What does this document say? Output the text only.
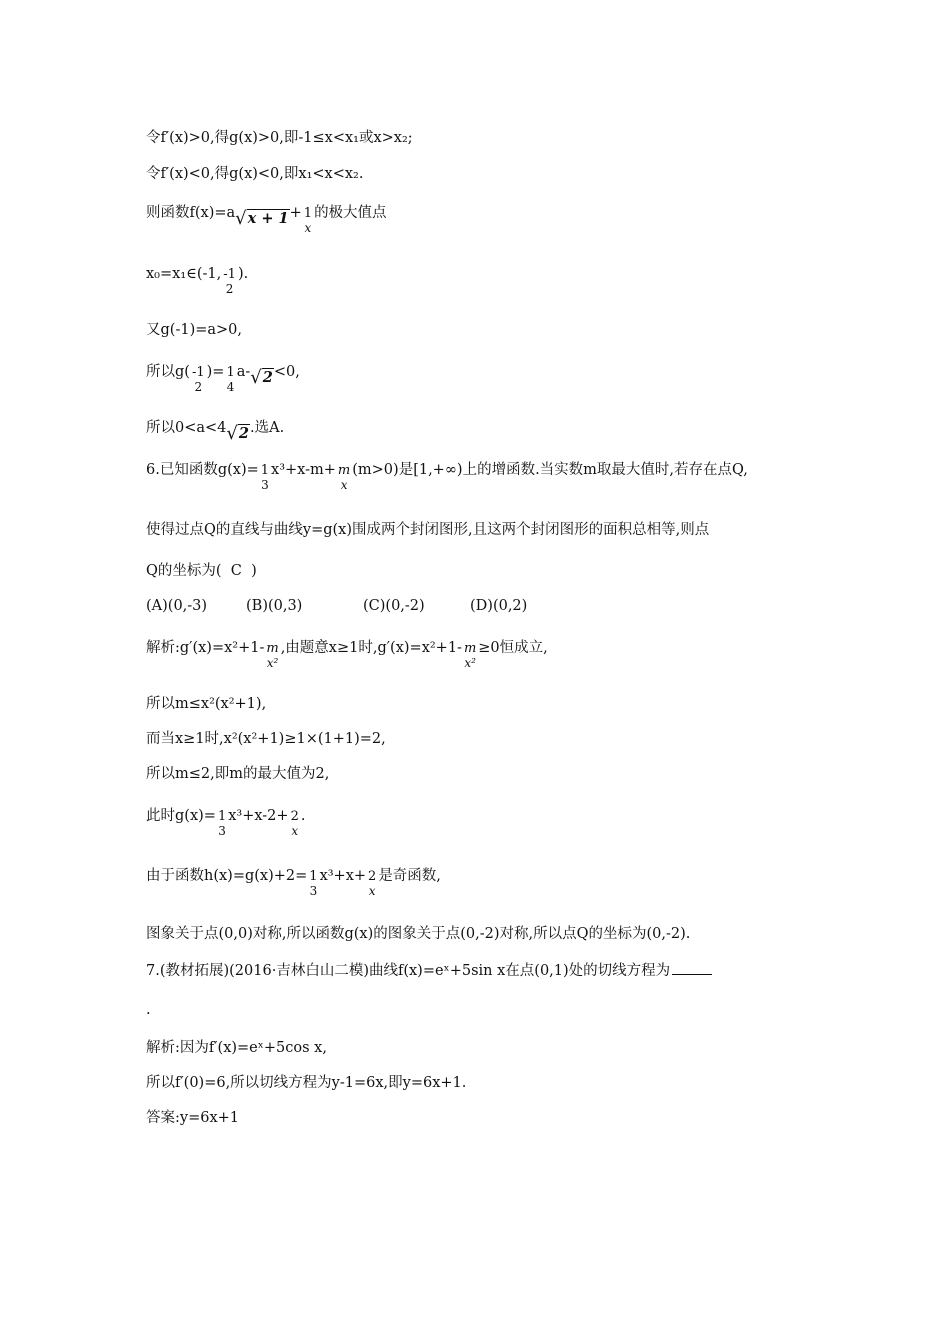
令f′(x)>0,得g(x)>0,即-1≤x<x₁或x>x₂;
令f′(x)<0,得g(x)<0,即x₁<x<x₂.
则函数f(x)=a√x + 1+ 1
x
的极大值点
x₀=x₁∈(-1, -1
2
).
又g(-1)=a>0,
所以g( -1
2
)= 1
4
a-√2<0,
所以0<a<4√2.选A.
6.已知函数g(x)= 1
3
x³+x-m+ m
x
(m>0)是[1,+∞)上的增函数.当实数m取最大值时,若存在点Q,
使得过点Q的直线与曲线y=g(x)围成两个封闭图形,且这两个封闭图形的面积总相等,则点
Q的坐标为(  C  )
(A)(0,-3)	(B)(0,3)	(C)(0,-2)	(D)(0,2)
解析:g′(x)=x²+1- m
x²
,由题意x≥1时,g′(x)=x²+1- m
x²
≥0恒成立,
所以m≤x²(x²+1),
而当x≥1时,x²(x²+1)≥1×(1+1)=2,
所以m≤2,即m的最大值为2,
此时g(x)= 1
3
x³+x-2+ 2
x
.
由于函数h(x)=g(x)+2= 1
3
x³+x+ 2
x
是奇函数,
图象关于点(0,0)对称,所以函数g(x)的图象关于点(0,-2)对称,所以点Q的坐标为(0,-2).
7.(教材拓展)(2016·吉林白山二模)曲线f(x)=eˣ+5sin x在点(0,1)处的切线方程为
.
解析:因为f′(x)=eˣ+5cos x,
所以f′(0)=6,所以切线方程为y-1=6x,即y=6x+1.
答案:y=6x+1
